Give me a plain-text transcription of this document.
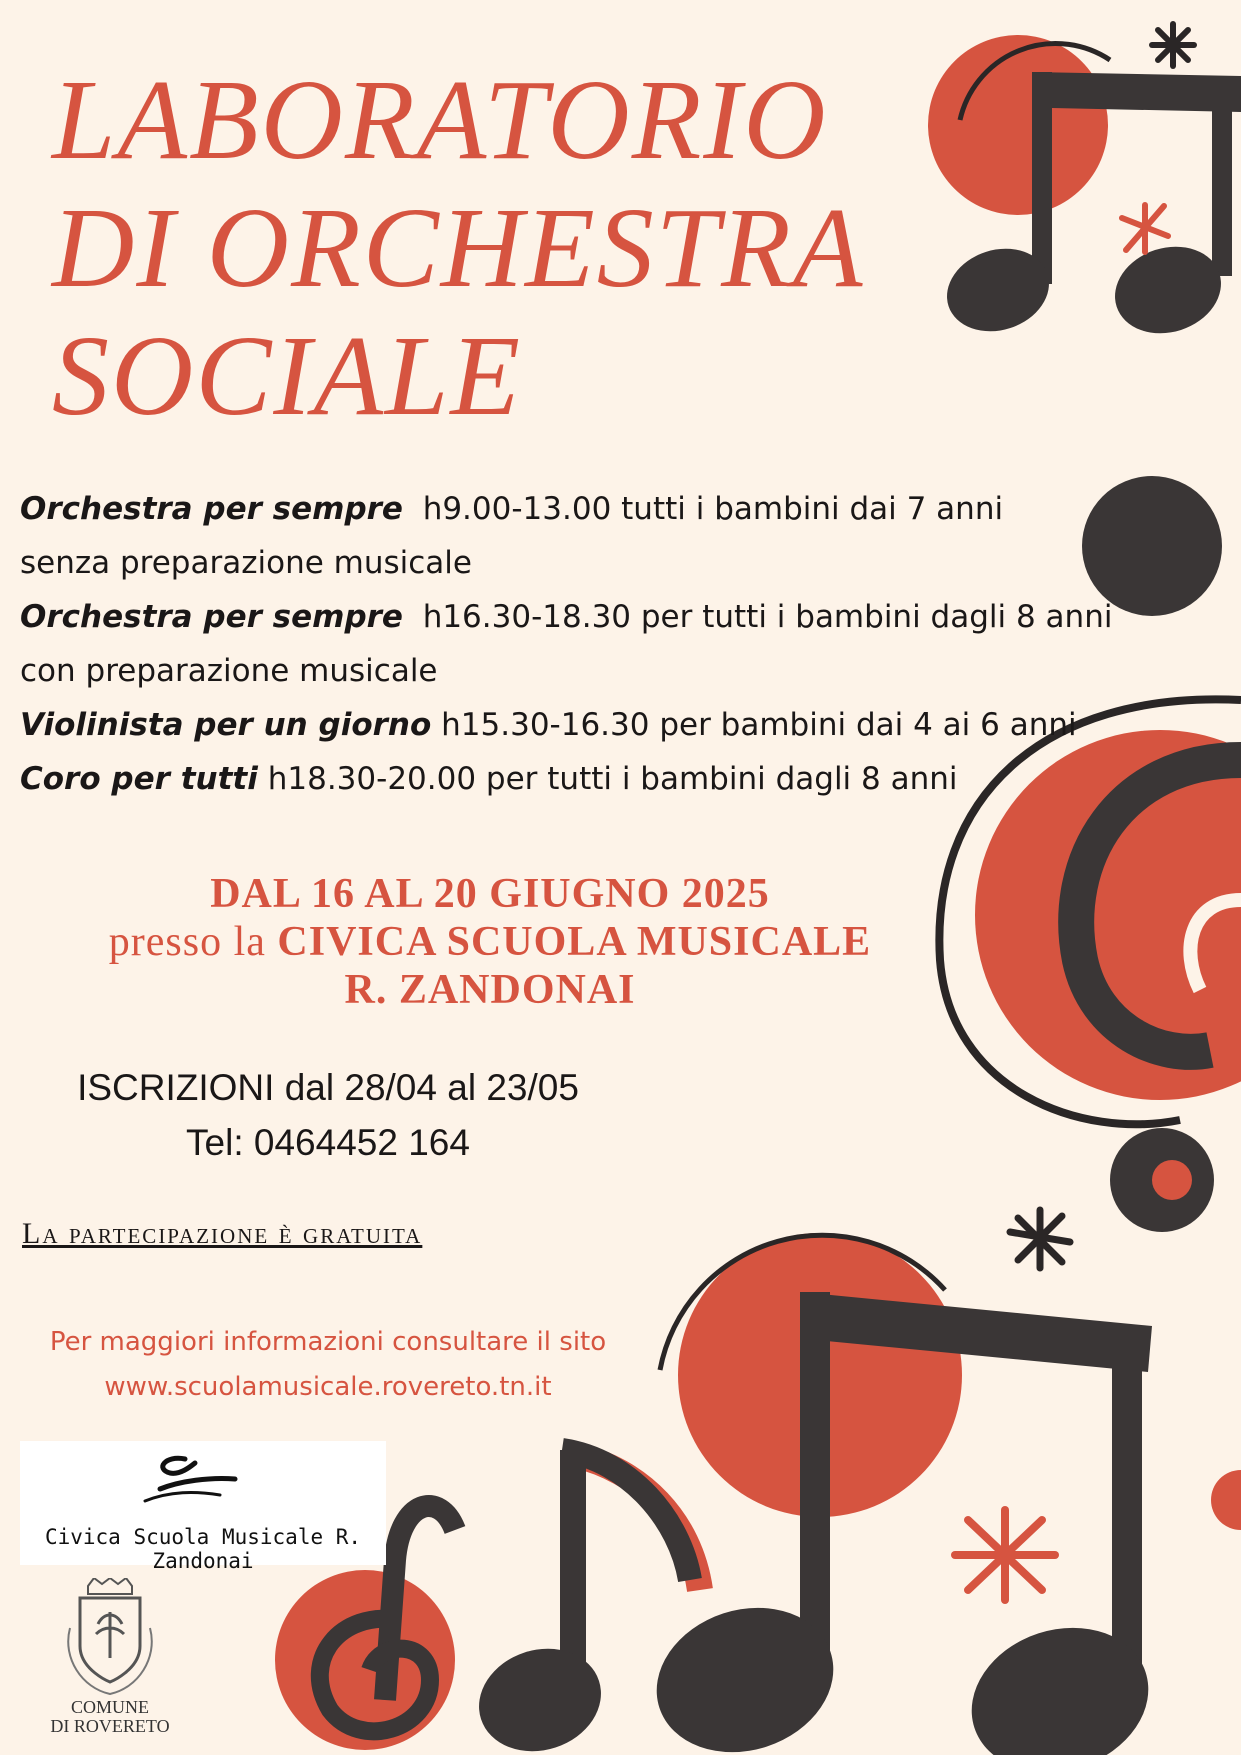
LABORATORIO
DI ORCHESTRA
SOCIALE
Orchestra per sempre h9.00-13.00 tutti i bambini dai 7 anni
senza preparazione musicale
Orchestra per sempre h16.30-18.30 per tutti i bambini dagli 8 anni
con preparazione musicale
Violinista per un giorno h15.30-16.30 per bambini dai 4 ai 6 anni
Coro per tutti h18.30-20.00 per tutti i bambini dagli 8 anni
DAL 16 AL 20 GIUGNO 2025
presso la CIVICA SCUOLA MUSICALE
R. ZANDONAI
ISCRIZIONI dal 28/04 al 23/05
Tel: 0464452 164
La partecipazione è gratuita
Per maggiori informazioni consultare il sito
www.scuolamusicale.rovereto.tn.it
Civica Scuola Musicale R. Zandonai
COMUNE
DI ROVERETO
